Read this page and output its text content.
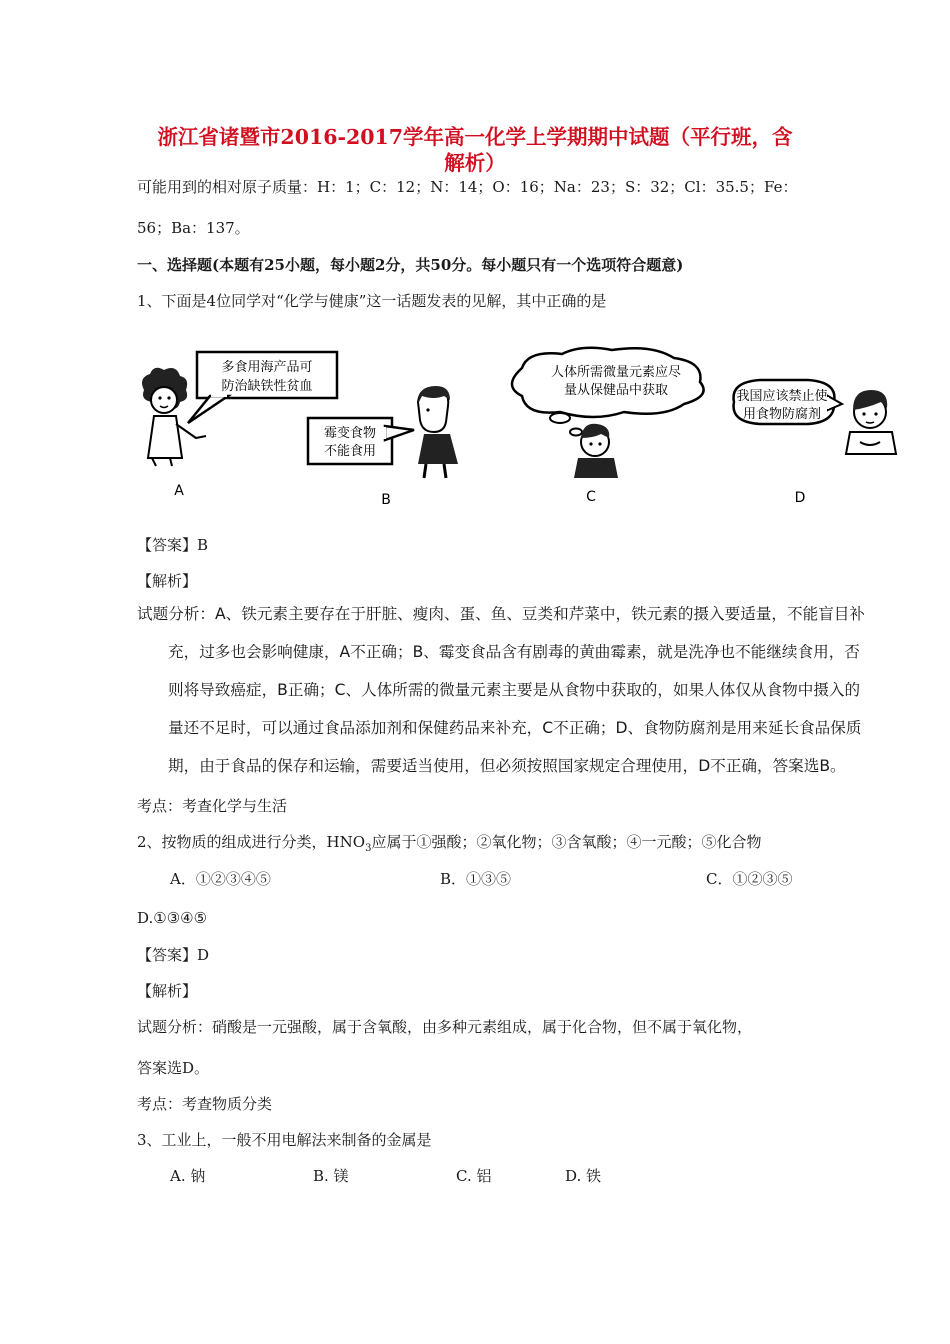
浙江省诸暨市2016-2017学年高一化学上学期期中试题（平行班，含
解析）
可能用到的相对原子质量：H：1；C：12；N：14；O：16；Na：23；S：32；Cl：35.5；Fe：
56；Ba：137。
一、选择题(本题有25小题，每小题2分，共50分。每小题只有一个选项符合题意)
1、下面是4位同学对“化学与健康”这一话题发表的见解，其中正确的是
多食用海产品可
防治缺铁性贫血
霉变食物
不能食用
人体所需微量元素应尽
量从保健品中获取	我国应该禁止使
用食物防腐剂
A
B	C	D
【答案】B
【解析】
试题分析：A、铁元素主要存在于肝脏、瘦肉、蛋、鱼、豆类和芹菜中，铁元素的摄入要适量，不能盲目补
充，过多也会影响健康，A不正确；B、霉变食品含有剧毒的黄曲霉素，就是洗净也不能继续食用，否
则将导致癌症，B正确；C、人体所需的微量元素主要是从食物中获取的，如果人体仅从食物中摄入的
量还不足时，可以通过食品添加剂和保健药品来补充，C不正确；D、食物防腐剂是用来延长食品保质
期，由于食品的保存和运输，需要适当使用，但必须按照国家规定合理使用，D不正确，答案选B。
考点：考查化学与生活
2、按物质的组成进行分类，$HNO_3$应属于①强酸；②氧化物；③含氧酸；④一元酸；⑤化合物
A．①②③④⑤	B．①③⑤	C．①②③⑤
D.①③④⑤
【答案】D
【解析】
试题分析：硝酸是一元强酸，属于含氧酸，由多种元素组成，属于化合物，但不属于氧化物，
答案选D。
考点：考查物质分类
3、工业上，一般不用电解法来制备的金属是
A. 钠	B. 镁	C. 铝	D. 铁
